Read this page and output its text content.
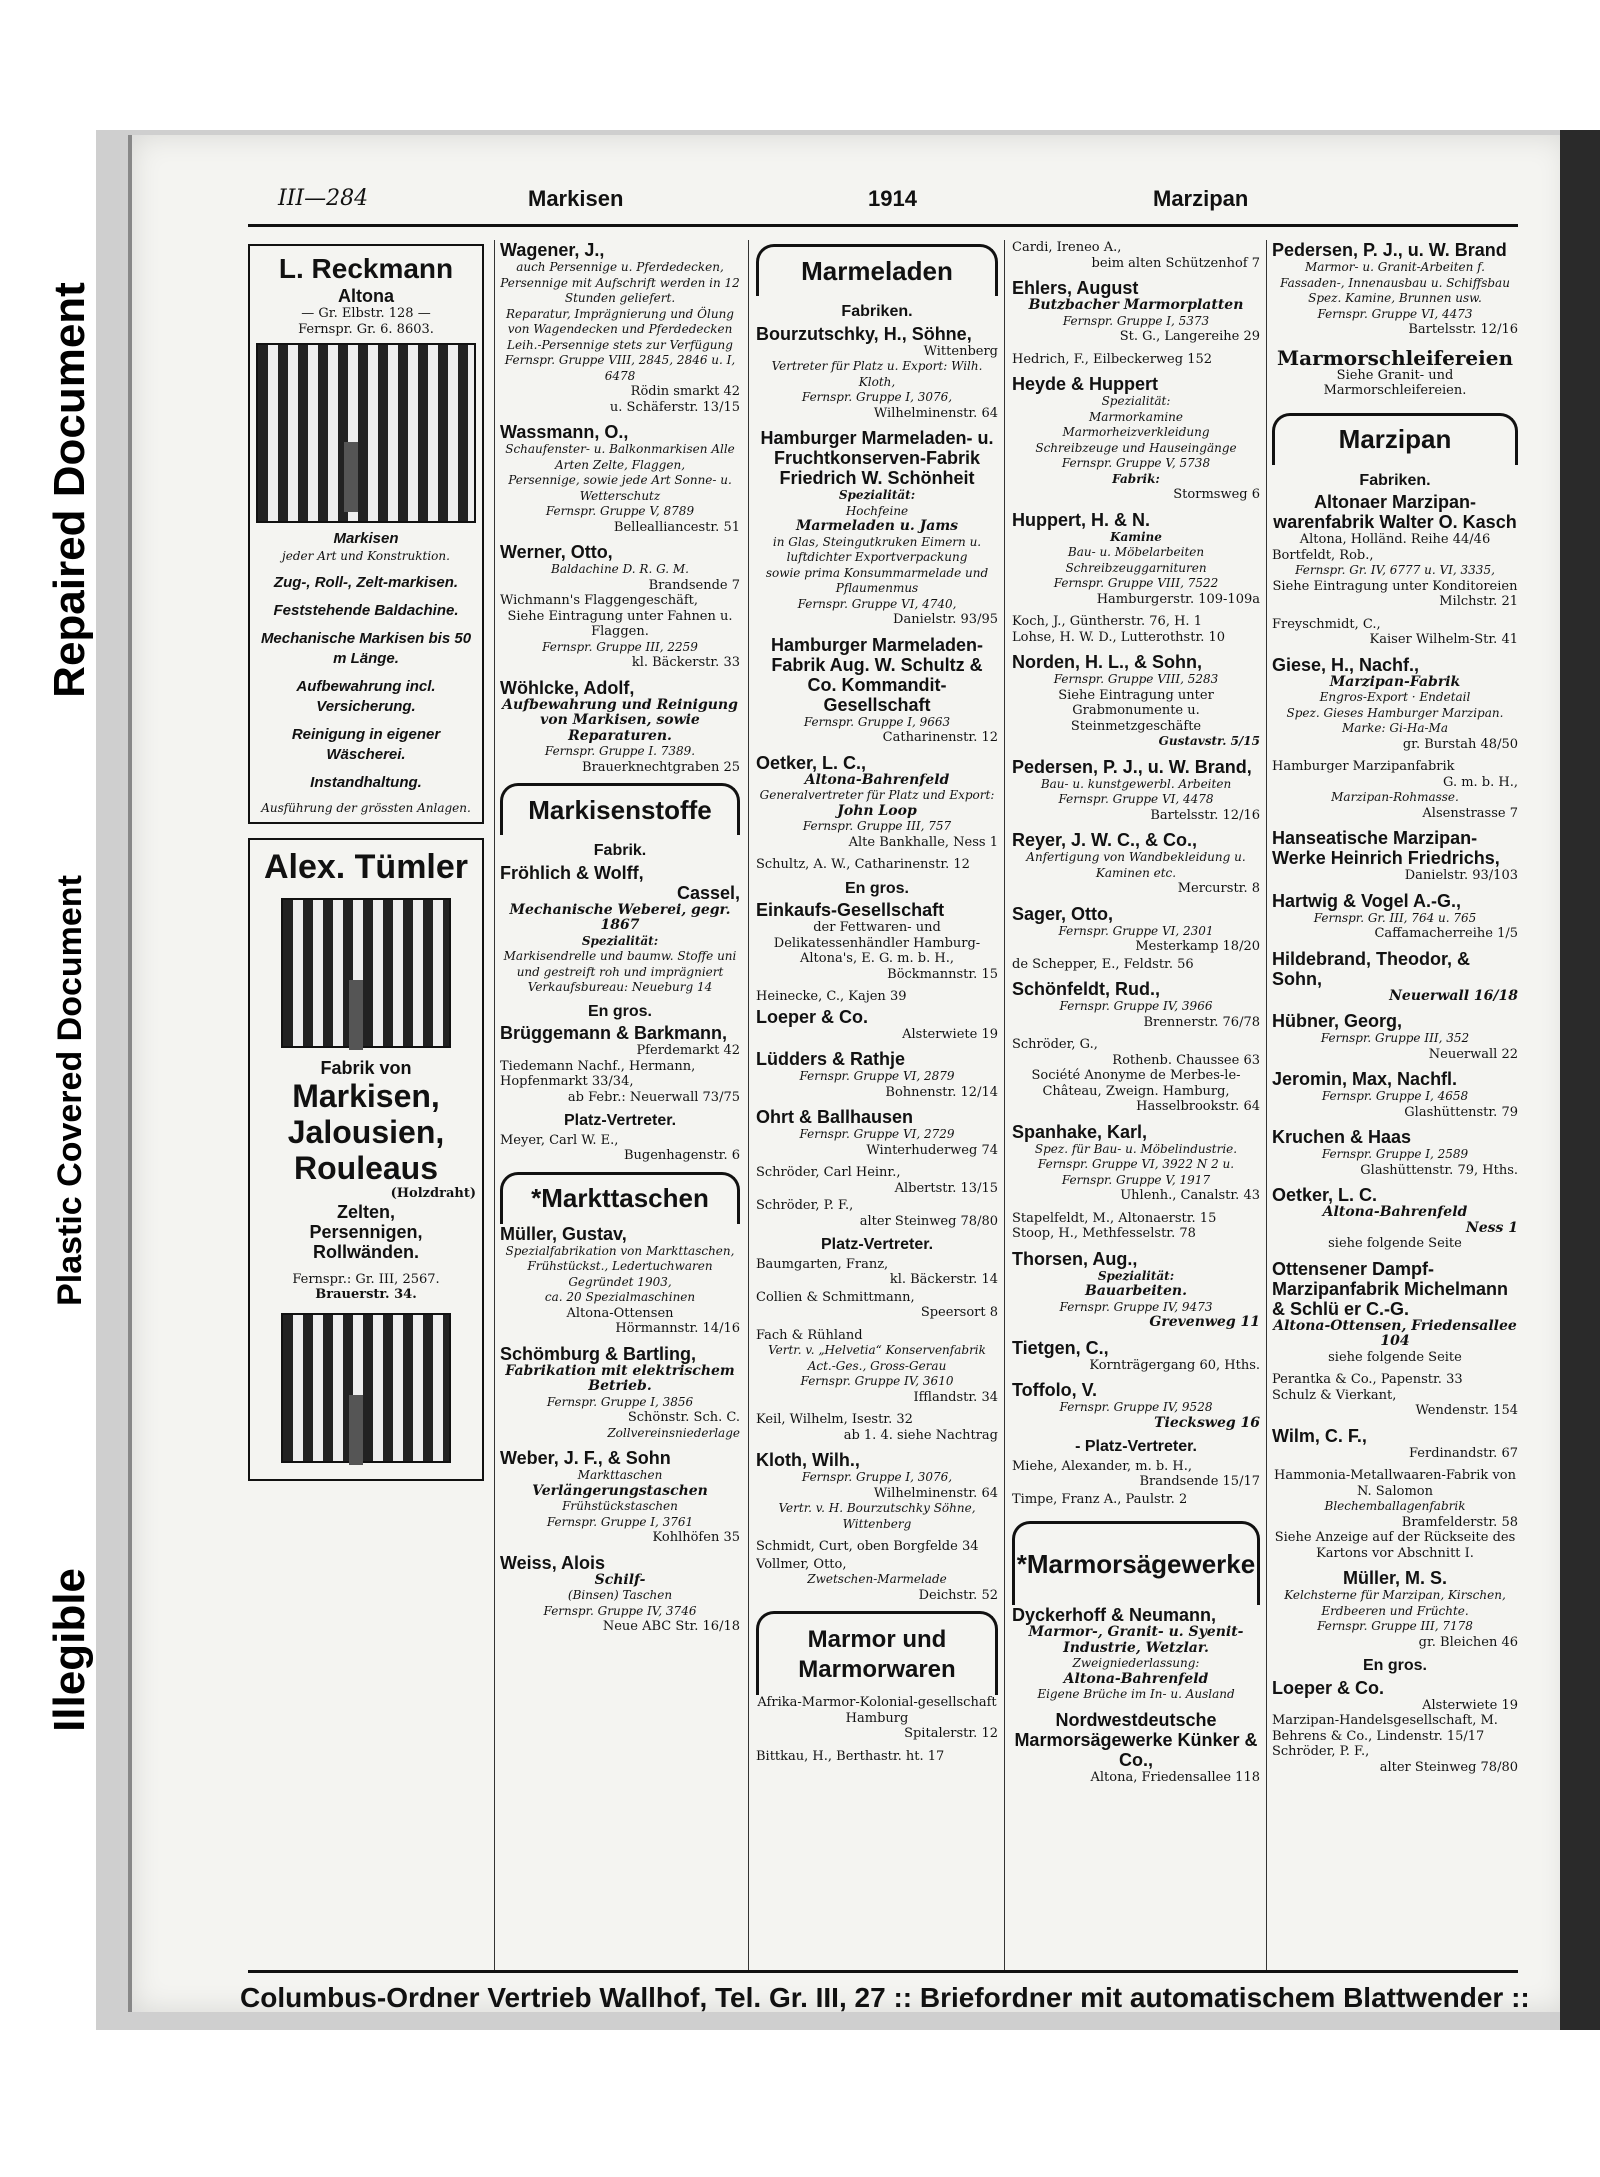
Repaired Document
Plastic Covered Document
Illegible
III—284	Markisen	1914	Marzipan
L. Reckmann
Altona
— Gr. Elbstr. 128 —
Fernspr. Gr. 6. 8603.
Markisen
jeder Art und Konstruktion.
Zug-, Roll-, Zelt-markisen.
Feststehende Baldachine.
Mechanische Markisen bis 50 m Länge.
Aufbewahrung incl. Versicherung.
Reinigung in eigener Wäscherei.
Instandhaltung.
Ausführung der grössten Anlagen.
Alex. Tümler
Fabrik von
Markisen,
Jalousien,
Rouleaus
(Holzdraht)
Zelten,
Persennigen,
Rollwänden.
Fernspr.: Gr. III, 2567.
Brauerstr. 34.
Wagener, J.,
auch Persennige u. Pferdedecken,
Persennige mit Aufschrift werden in 12 Stunden geliefert.
Reparatur, Imprägnierung und Ölung von Wagendecken und Pferdedecken
Leih.-Persennige stets zur Verfügung
Fernspr. Gruppe VIII, 2845, 2846 u. I, 6478
Rödin smarkt 42
u. Schäferstr. 13/15
Wassmann, O.,
Schaufenster- u. Balkonmarkisen Alle Arten Zelte, Flaggen,
Persennige, sowie jede Art Sonne- u. Wetterschutz
Fernspr. Gruppe V, 8789
Bellealliancestr. 51
Werner, Otto,
Baldachine D. R. G. M.
Brandsende 7
Wichmann's Flaggengeschäft,
Siehe Eintragung unter Fahnen u. Flaggen.
Fernspr. Gruppe III, 2259
kl. Bäckerstr. 33
Wöhlcke, Adolf,
Aufbewahrung und Reinigung von Markisen, sowie Reparaturen.
Fernspr. Gruppe I. 7389.
Brauerknechtgraben 25
Markisenstoffe
Fabrik.
Fröhlich & Wolff,
Cassel,
Mechanische Weberei, gegr. 1867
Spezialität:
Markisendrelle und baumw. Stoffe uni und gestreift roh und imprägniert
Verkaufsbureau: Neueburg 14
En gros.
Brüggemann & Barkmann,
Pferdemarkt 42
Tiedemann Nachf., Hermann, Hopfenmarkt 33/34,
ab Febr.: Neuerwall 73/75
Platz-Vertreter.
Meyer, Carl W. E.,
Bugenhagenstr. 6
*Markttaschen
Müller, Gustav,
Spezialfabrikation von Markttaschen, Frühstückst., Ledertuchwaren
Gegründet 1903,
ca. 20 Spezialmaschinen
Altona-Ottensen
Hörmannstr. 14/16
Schömburg & Bartling,
Fabrikation mit elektrischem Betrieb.
Fernspr. Gruppe I, 3856
Schönstr. Sch. C.
Zollvereinsniederlage
Weber, J. F., & Sohn
Markttaschen
Verlängerungstaschen
Frühstückstaschen
Fernspr. Gruppe I, 3761
Kohlhöfen 35
Weiss, Alois
Schilf-
(Binsen) Taschen
Fernspr. Gruppe IV, 3746
Neue ABC Str. 16/18
Marmeladen
Fabriken.
Bourzutschky, H., Söhne,
Wittenberg
Vertreter für Platz u. Export: Wilh. Kloth,
Fernspr. Gruppe I, 3076,
Wilhelminenstr. 64
Hamburger Marmeladen- u. Fruchtkonserven-Fabrik Friedrich W. Schönheit
Spezialität:
Hochfeine
Marmeladen u. Jams
in Glas, Steingutkruken Eimern u. luftdichter Exportverpackung
sowie prima Konsummarmelade und Pflaumenmus
Fernspr. Gruppe VI, 4740,
Danielstr. 93/95
Hamburger Marmeladen-Fabrik Aug. W. Schultz & Co. Kommandit-Gesellschaft
Fernspr. Gruppe I, 9663
Catharinenstr. 12
Oetker, L. C.,
Altona-Bahrenfeld
Generalvertreter für Platz und Export:
John Loop
Fernspr. Gruppe III, 757
Alte Bankhalle, Ness 1
Schultz, A. W., Catharinenstr. 12
En gros.
Einkaufs-Gesellschaft
der Fettwaren- und Delikatessenhändler Hamburg-Altona's, E. G. m. b. H.,
Böckmannstr. 15
Heinecke, C., Kajen 39
Loeper & Co.
Alsterwiete 19
Lüdders & Rathje
Fernspr. Gruppe VI, 2879
Bohnenstr. 12/14
Ohrt & Ballhausen
Fernspr. Gruppe VI, 2729
Winterhuderweg 74
Schröder, Carl Heinr.,
Albertstr. 13/15
Schröder, P. F.,
alter Steinweg 78/80
Platz-Vertreter.
Baumgarten, Franz,
kl. Bäckerstr. 14
Collien & Schmittmann,
Speersort 8
Fach & Rühland
Vertr. v. „Helvetia“ Konservenfabrik
Act.-Ges., Gross-Gerau
Fernspr. Gruppe IV, 3610
Ifflandstr. 34
Keil, Wilhelm, Isestr. 32
ab 1. 4. siehe Nachtrag
Kloth, Wilh.,
Fernspr. Gruppe I, 3076,
Wilhelminenstr. 64
Vertr. v. H. Bourzutschky Söhne, Wittenberg
Schmidt, Curt, oben Borgfelde 34
Vollmer, Otto,
Zwetschen-Marmelade
Deichstr. 52
Marmor und Marmorwaren
Afrika-Marmor-Kolonial-gesellschaft Hamburg
Spitalerstr. 12
Bittkau, H., Berthastr. ht. 17
Cardi, Ireneo A.,
beim alten Schützenhof 7
Ehlers, August
Butzbacher Marmorplatten
Fernspr. Gruppe I, 5373
St. G., Langereihe 29
Hedrich, F., Eilbeckerweg 152
Heyde & Huppert
Spezialität:
Marmorkamine
Marmorheizverkleidung
Schreibzeuge und Hauseingänge
Fernspr. Gruppe V, 5738
Fabrik:
Stormsweg 6
Huppert, H. & N.
Kamine
Bau- u. Möbelarbeiten
Schreibzeuggarnituren
Fernspr. Gruppe VIII, 7522
Hamburgerstr. 109-109a
Koch, J., Güntherstr. 76, H. 1
Lohse, H. W. D., Lutterothstr. 10
Norden, H. L., & Sohn,
Fernspr. Gruppe VIII, 5283
Siehe Eintragung unter Grabmonumente u. Steinmetzgeschäfte
Gustavstr. 5/15
Pedersen, P. J., u. W. Brand,
Bau- u. kunstgewerbl. Arbeiten
Fernspr. Gruppe VI, 4478
Bartelsstr. 12/16
Reyer, J. W. C., & Co.,
Anfertigung von Wandbekleidung u. Kaminen etc.
Mercurstr. 8
Sager, Otto,
Fernspr. Gruppe VI, 2301
Mesterkamp 18/20
de Schepper, E., Feldstr. 56
Schönfeldt, Rud.,
Fernspr. Gruppe IV, 3966
Brennerstr. 76/78
Schröder, G.,
Rothenb. Chaussee 63
Société Anonyme de Merbes-le-Château, Zweign. Hamburg,
Hasselbrookstr. 64
Spanhake, Karl,
Spez. für Bau- u. Möbelindustrie.
Fernspr. Gruppe VI, 3922 N 2 u. Fernspr. Gruppe V, 1917
Uhlenh., Canalstr. 43
Stapelfeldt, M., Altonaerstr. 15
Stoop, H., Methfesselstr. 78
Thorsen, Aug.,
Spezialität:
Bauarbeiten.
Fernspr. Gruppe IV, 9473
Grevenweg 11
Tietgen, C.,
Kornträgergang 60, Hths.
Toffolo, V.
Fernspr. Gruppe IV, 9528
Tiecksweg 16
- Platz-Vertreter.
Miehe, Alexander, m. b. H.,
Brandsende 15/17
Timpe, Franz A., Paulstr. 2
*Marmorsägewerke
Dyckerhoff & Neumann,
Marmor-, Granit- u. Syenit-Industrie, Wetzlar.
Zweigniederlassung:
Altona-Bahrenfeld
Eigene Brüche im In- u. Ausland
Nordwestdeutsche Marmorsägewerke Künker & Co.,
Altona, Friedensallee 118
Pedersen, P. J., u. W. Brand
Marmor- u. Granit-Arbeiten f. Fassaden-, Innenausbau u. Schiffsbau
Spez. Kamine, Brunnen usw.
Fernspr. Gruppe VI, 4473
Bartelsstr. 12/16
Marmorschleifereien
Siehe Granit- und Marmorschleifereien.
Marzipan
Fabriken.
Altonaer Marzipan-warenfabrik Walter O. Kasch
Altona, Holländ. Reihe 44/46
Bortfeldt, Rob.,
Fernspr. Gr. IV, 6777 u. VI, 3335,
Siehe Eintragung unter Konditoreien
Milchstr. 21
Freyschmidt, C.,
Kaiser Wilhelm-Str. 41
Giese, H., Nachf.,
Marzipan-Fabrik
Engros-Export · Endetail
Spez. Gieses Hamburger Marzipan. Marke: Gi-Ha-Ma
gr. Burstah 48/50
Hamburger Marzipanfabrik
G. m. b. H.,
Marzipan-Rohmasse.
Alsenstrasse 7
Hanseatische Marzipan-Werke Heinrich Friedrichs,
Danielstr. 93/103
Hartwig & Vogel A.-G.,
Fernspr. Gr. III, 764 u. 765
Caffamacherreihe 1/5
Hildebrand, Theodor, & Sohn,
Neuerwall 16/18
Hübner, Georg,
Fernspr. Gruppe III, 352
Neuerwall 22
Jeromin, Max, Nachfl.
Fernspr. Gruppe I, 4658
Glashüttenstr. 79
Kruchen & Haas
Fernspr. Gruppe I, 2589
Glashüttenstr. 79, Hths.
Oetker, L. C.
Altona-Bahrenfeld
Ness 1
siehe folgende Seite
Ottensener Dampf-Marzipanfabrik Michelmann & Schlü er C.-G.
Altona-Ottensen, Friedensallee 104
siehe folgende Seite
Perantka & Co., Papenstr. 33
Schulz & Vierkant,
Wendenstr. 154
Wilm, C. F.,
Ferdinandstr. 67
Hammonia-Metallwaaren-Fabrik von N. Salomon
Blechemballagenfabrik
Bramfelderstr. 58
Siehe Anzeige auf der Rückseite des Kartons vor Abschnitt I.
Müller, M. S.
Kelchsterne für Marzipan, Kirschen, Erdbeeren und Früchte.
Fernspr. Gruppe III, 7178
gr. Bleichen 46
En gros.
Loeper & Co.
Alsterwiete 19
Marzipan-Handelsgesellschaft, M. Behrens & Co., Lindenstr. 15/17
Schröder, P. F.,
alter Steinweg 78/80
Columbus-Ordner Vertrieb Wallhof, Tel. Gr. III, 27 :: Briefordner mit automatischem Blattwender ::
